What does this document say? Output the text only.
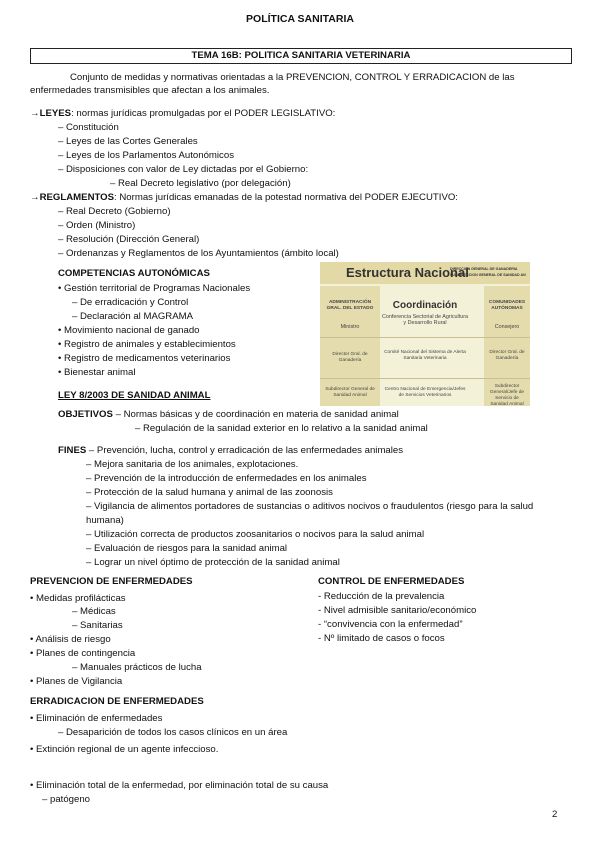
POLÍTICA SANITARIA
TEMA 16B: POLITICA SANITARIA VETERINARIA
Conjunto de medidas y normativas orientadas a la PREVENCION, CONTROL Y ERRADICACION de las
enfermedades transmisibles que afectan a los animales.
→LEYES: normas jurídicas promulgadas por el PODER LEGISLATIVO:
– Constitución
– Leyes de las Cortes Generales
– Leyes de los Parlamentos Autonómicos
– Disposiciones con valor de Ley dictadas por el Gobierno:
– Real Decreto legislativo (por delegación)
→REGLAMENTOS: Normas jurídicas emanadas de la potestad normativa del PODER EJECUTIVO:
– Real Decreto (Gobierno)
– Orden (Ministro)
– Resolución (Dirección General)
– Ordenanzas y Reglamentos de los Ayuntamientos (ámbito local)
COMPETENCIAS AUTONÓMICAS
• Gestión territorial de Programas Nacionales
– De erradicación y Control
– Declaración al MAGRAMA
• Movimiento nacional de ganado
• Registro de animales y establecimientos
• Registro de medicamentos veterinarios
• Bienestar animal
Estructura Nacional
DIRECCION GENERAL DE GANADERIA
SUBDIRECCION GENERAL DE SANIDAD AN
ADMINISTRACIÓN GRAL. DEL ESTADO
Ministro
Director Gral. de Ganadería
Subdirector General de Sanidad Animal
Coordinación
Conferencia Sectorial de Agricultura y Desarrollo Rural
Comité Nacional del Sistema de Alerta Sanitaria Veterinaria
Centro Nacional de Emergencia/Jefes de Servicios Veterinarios
COMUNIDADES AUTÓNOMAS
Consejero
Director Gral. de Ganadería
Subdirector General/Jefe de Servicio de Sanidad Animal
LEY 8/2003 DE SANIDAD ANIMAL
OBJETIVOS – Normas básicas y de coordinación en materia de sanidad animal
– Regulación de la sanidad exterior en lo relativo a la sanidad animal
FINES – Prevención, lucha, control y erradicación de las enfermedades animales
– Mejora sanitaria de los animales, explotaciones.
– Prevención de la introducción de enfermedades en los animales
– Protección de la salud humana y animal de las zoonosis
– Vigilancia de alimentos portadores de sustancias o aditivos nocivos o fraudulentos (riesgo para la salud
humana)
– Utilización correcta de productos zoosanitarios o nocivos para la salud animal
– Evaluación de riesgos para la sanidad animal
– Lograr un nivel óptimo de protección de la sanidad animal
PREVENCION DE ENFERMEDADES
• Medidas profilácticas
– Médicas
– Sanitarias
• Análisis de riesgo
• Planes de contingencia
– Manuales prácticos de lucha
• Planes de Vigilancia
CONTROL DE ENFERMEDADES
- Reducción de la prevalencia
- Nivel admisible sanitario/económico
- “convivencia con la enfermedad”
- Nº limitado de casos o focos
ERRADICACION DE ENFERMEDADES
• Eliminación de enfermedades
– Desaparición de todos los casos clínicos en un área
• Extinción regional de un agente infeccioso.
• Eliminación total de la enfermedad, por eliminación total de su causa
– patógeno
2
